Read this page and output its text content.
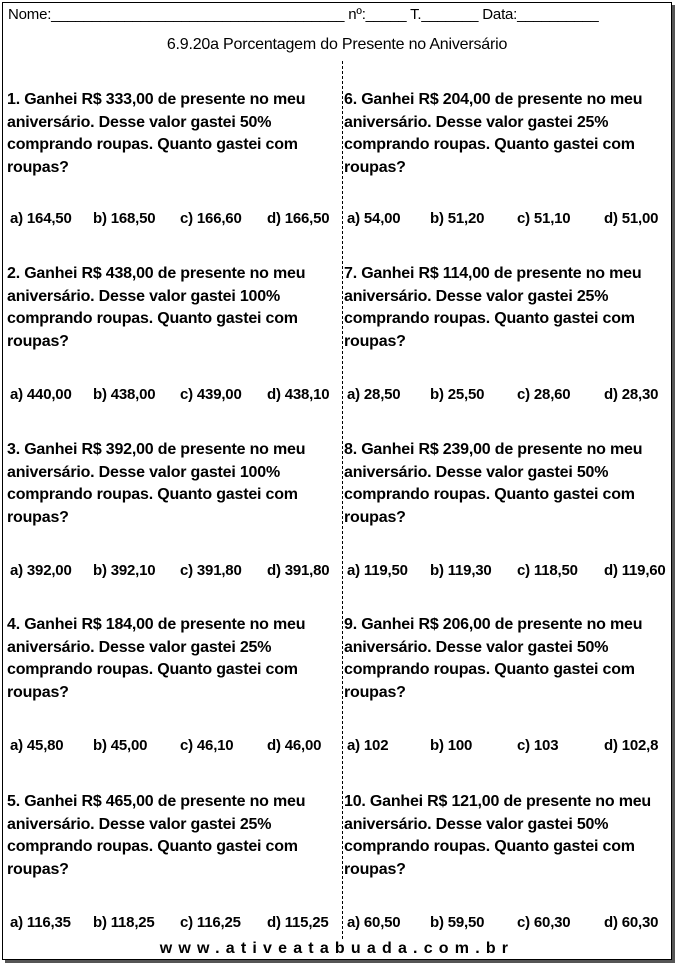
Nome:____________________________________ nº:_____ T._______ Data:__________
6.9.20a Porcentagem do Presente no Aniversário

1. Ganhei R$ 333,00 de presente no meu aniversário. Desse valor gastei 50% comprando roupas. Quanto gastei com roupas?

a) 164,50 b) 168,50 c) 166,60 d) 166,50

2. Ganhei R$ 438,00 de presente no meu aniversário. Desse valor gastei 100% comprando roupas. Quanto gastei com roupas?

a) 440,00 b) 438,00 c) 439,00 d) 438,10

3. Ganhei R$ 392,00 de presente no meu aniversário. Desse valor gastei 100% comprando roupas. Quanto gastei com roupas?

a) 392,00 b) 392,10 c) 391,80 d) 391,80

4. Ganhei R$ 184,00 de presente no meu aniversário. Desse valor gastei 25% comprando roupas. Quanto gastei com roupas?

a) 45,80 b) 45,00 c) 46,10 d) 46,00

5. Ganhei R$ 465,00 de presente no meu aniversário. Desse valor gastei 25% comprando roupas. Quanto gastei com roupas?

a) 116,35 b) 118,25 c) 116,25 d) 115,25

6. Ganhei R$ 204,00 de presente no meu aniversário. Desse valor gastei 25% comprando roupas. Quanto gastei com roupas?

a) 54,00 b) 51,20 c) 51,10 d) 51,00

7. Ganhei R$ 114,00 de presente no meu aniversário. Desse valor gastei 25% comprando roupas. Quanto gastei com roupas?

a) 28,50 b) 25,50 c) 28,60 d) 28,30

8. Ganhei R$ 239,00 de presente no meu aniversário. Desse valor gastei 50% comprando roupas. Quanto gastei com roupas?

a) 119,50 b) 119,30 c) 118,50 d) 119,60

9. Ganhei R$ 206,00 de presente no meu aniversário. Desse valor gastei 50% comprando roupas. Quanto gastei com roupas?

a) 102	b) 100	c) 103	d) 102,8

10. Ganhei R$ 121,00 de presente no meu aniversário. Desse valor gastei 50% comprando roupas. Quanto gastei com roupas?

a) 60,50 b) 59,50 c) 60,30 d) 60,30
www.ativeatabuada.com.br
